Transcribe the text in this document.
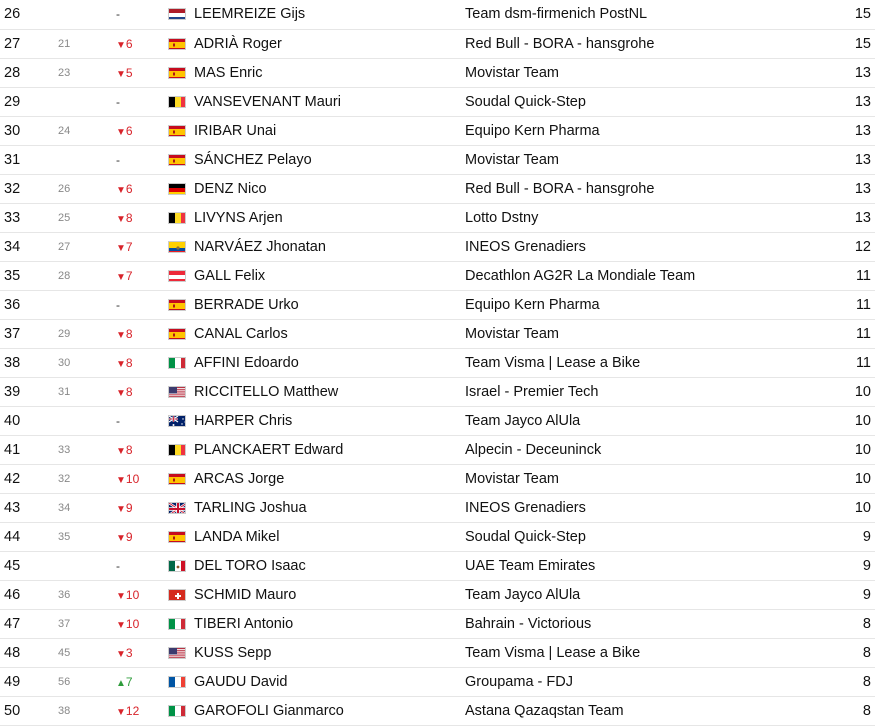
26		-		LEEMREIZE Gijs	Team dsm-firmenich PostNL	15
27	21	▼6		ADRIÀ Roger	Red Bull - BORA - hansgrohe	15
28	23	▼5		MAS Enric	Movistar Team	13
29		-		VANSEVENANT Mauri	Soudal Quick-Step	13
30	24	▼6		IRIBAR Unai	Equipo Kern Pharma	13
31		-		SÁNCHEZ Pelayo	Movistar Team	13
32	26	▼6		DENZ Nico	Red Bull - BORA - hansgrohe	13
33	25	▼8		LIVYNS Arjen	Lotto Dstny	13
34	27	▼7		NARVÁEZ Jhonatan	INEOS Grenadiers	12
35	28	▼7		GALL Felix	Decathlon AG2R La Mondiale Team	11
36		-		BERRADE Urko	Equipo Kern Pharma	11
37	29	▼8		CANAL Carlos	Movistar Team	11
38	30	▼8		AFFINI Edoardo	Team Visma | Lease a Bike	11
39	31	▼8		RICCITELLO Matthew	Israel - Premier Tech	10
40		-		HARPER Chris	Team Jayco AlUla	10
41	33	▼8		PLANCKAERT Edward	Alpecin - Deceuninck	10
42	32	▼10		ARCAS Jorge	Movistar Team	10
43	34	▼9		TARLING Joshua	INEOS Grenadiers	10
44	35	▼9		LANDA Mikel	Soudal Quick-Step	9
45		-		DEL TORO Isaac	UAE Team Emirates	9
46	36	▼10		SCHMID Mauro	Team Jayco AlUla	9
47	37	▼10		TIBERI Antonio	Bahrain - Victorious	8
48	45	▼3		KUSS Sepp	Team Visma | Lease a Bike	8
49	56	▲7		GAUDU David	Groupama - FDJ	8
50	38	▼12		GAROFOLI Gianmarco	Astana Qazaqstan Team	8
